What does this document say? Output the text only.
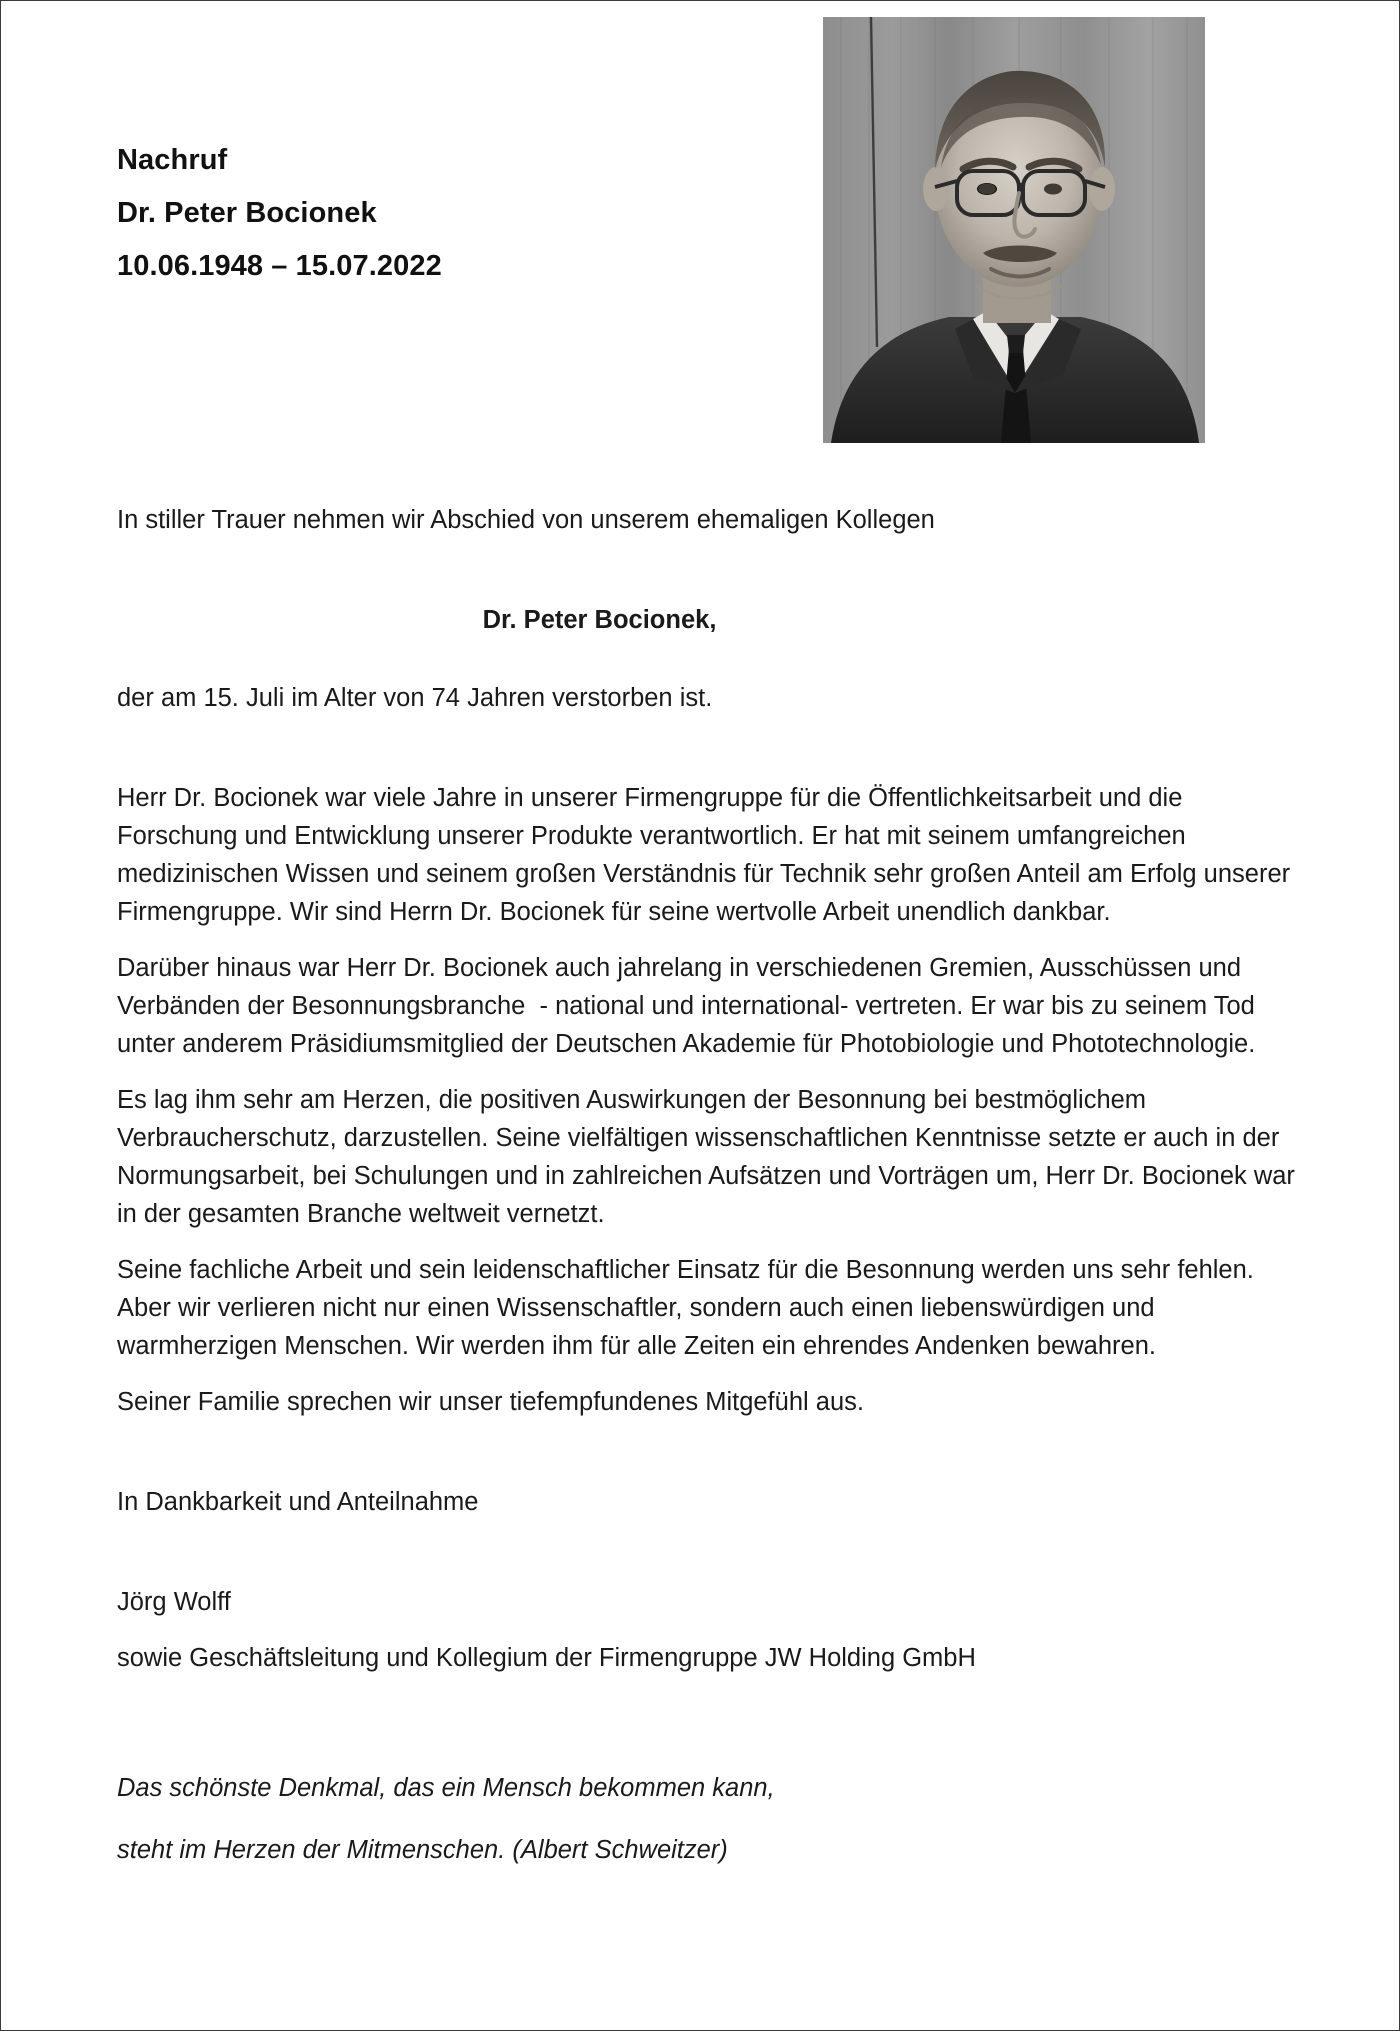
Nachruf
Dr. Peter Bocionek
10.06.1948 – 15.07.2022

In stiller Trauer nehmen wir Abschied von unserem ehemaligen Kollegen

Dr. Peter Bocionek,

der am 15. Juli im Alter von 74 Jahren verstorben ist.

Herr Dr. Bocionek war viele Jahre in unserer Firmengruppe für die Öffentlichkeitsarbeit und die Forschung und Entwicklung unserer Produkte verantwortlich. Er hat mit seinem umfangreichen medizinischen Wissen und seinem großen Verständnis für Technik sehr großen Anteil am Erfolg unserer Firmengruppe. Wir sind Herrn Dr. Bocionek für seine wertvolle Arbeit unendlich dankbar.

Darüber hinaus war Herr Dr. Bocionek auch jahrelang in verschiedenen Gremien, Ausschüssen und Verbänden der Besonnungsbranche  - national und international- vertreten. Er war bis zu seinem Tod unter anderem Präsidiumsmitglied der Deutschen Akademie für Photobiologie und Phototechnologie.

Es lag ihm sehr am Herzen, die positiven Auswirkungen der Besonnung bei bestmöglichem Verbraucherschutz, darzustellen. Seine vielfältigen wissenschaftlichen Kenntnisse setzte er auch in der Normungsarbeit, bei Schulungen und in zahlreichen Aufsätzen und Vorträgen um, Herr Dr. Bocionek war in der gesamten Branche weltweit vernetzt.

Seine fachliche Arbeit und sein leidenschaftlicher Einsatz für die Besonnung werden uns sehr fehlen. Aber wir verlieren nicht nur einen Wissenschaftler, sondern auch einen liebenswürdigen und warmherzigen Menschen. Wir werden ihm für alle Zeiten ein ehrendes Andenken bewahren.

Seiner Familie sprechen wir unser tiefempfundenes Mitgefühl aus.

In Dankbarkeit und Anteilnahme

Jörg Wolff

sowie Geschäftsleitung und Kollegium der Firmengruppe JW Holding GmbH

Das schönste Denkmal, das ein Mensch bekommen kann,

steht im Herzen der Mitmenschen. (Albert Schweitzer)
